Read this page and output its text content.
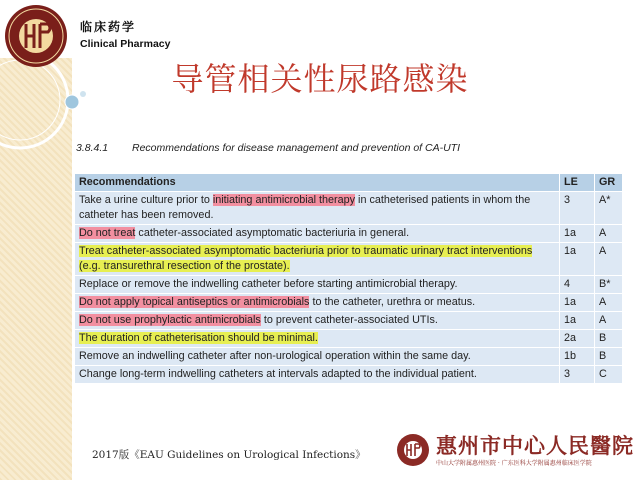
临床药学
Clinical Pharmacy
导管相关性尿路感染
3.8.4.1 Recommendations for disease management and prevention of CA-UTI
Recommendations	LE	GR
Take a urine culture prior to initiating antimicrobial therapy in catheterised patients in whom the catheter has been removed.	3	A*
Do not treat catheter-associated asymptomatic bacteriuria in general.	1a	A
Treat catheter-associated asymptomatic bacteriuria prior to traumatic urinary tract interventions (e.g. transurethral resection of the prostate).	1a	A
Replace or remove the indwelling catheter before starting antimicrobial therapy.	4	B*
Do not apply topical antiseptics or antimicrobials to the catheter, urethra or meatus.	1a	A
Do not use prophylactic antimicrobials to prevent catheter-associated UTIs.	1a	A
The duration of catheterisation should be minimal.	2a	B
Remove an indwelling catheter after non-urological operation within the same day.	1b	B
Change long-term indwelling catheters at intervals adapted to the individual patient.	3	C
2017版《EAU Guidelines on Urological Infections》	惠州市中心人民醫院
中山大学附属惠州医院 · 广东医科大学附属惠州临床医学院
